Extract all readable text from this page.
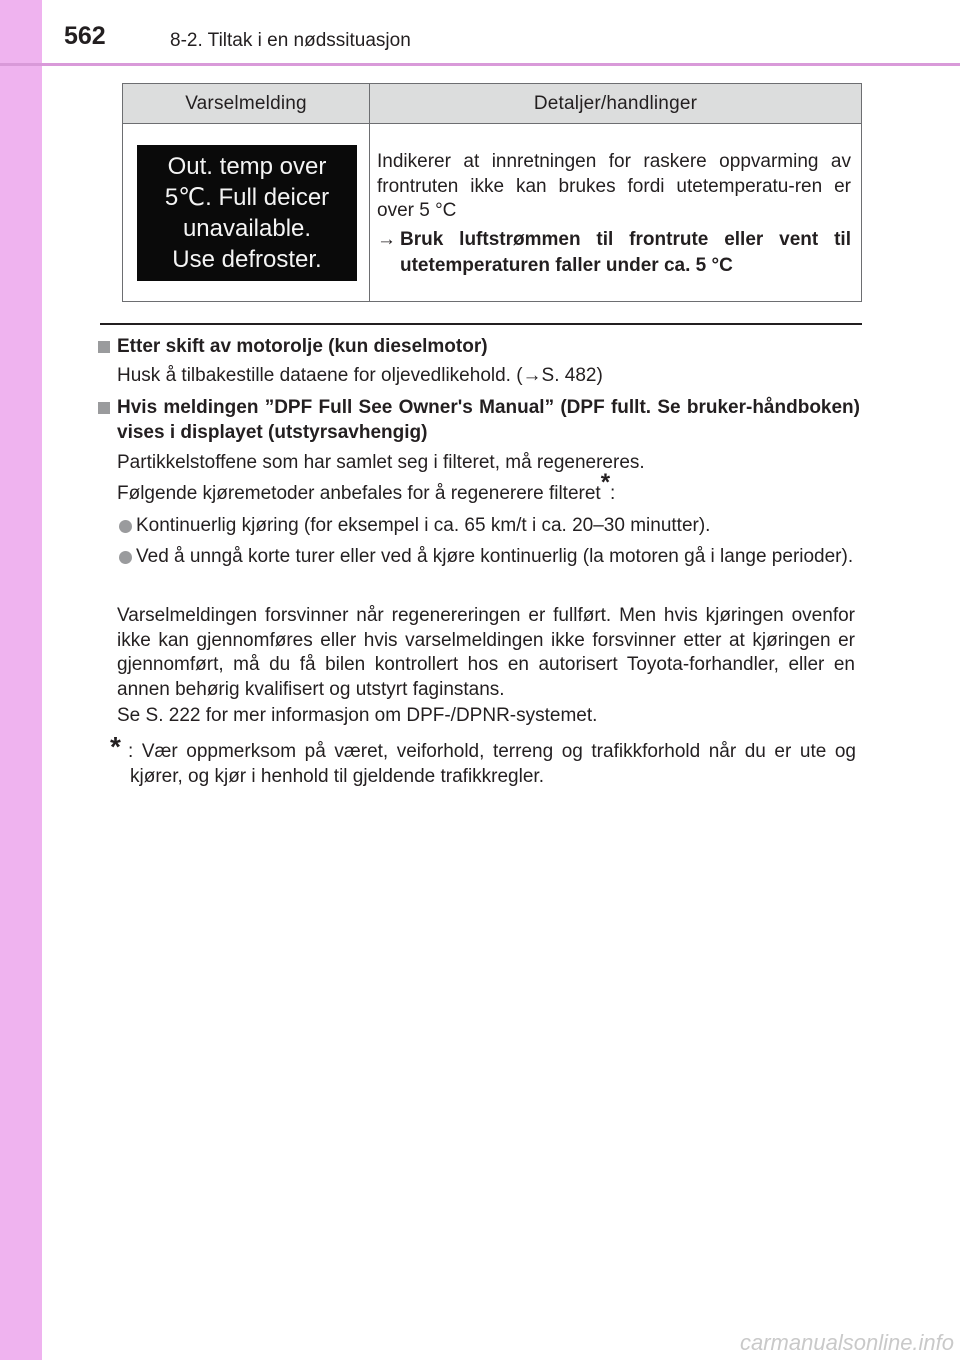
562	8-2. Tiltak i en nødssituasjon
Varselmelding	Detaljer/handlinger
Out. temp over
5℃. Full deicer
unavailable.
Use defroster.
Indikerer at innretningen for raskere oppvarming av frontruten ikke kan brukes fordi utetemperatu-ren er over 5 °C
→ Bruk luftstrømmen til frontrute eller vent til utetemperaturen faller under ca. 5 °C
Etter skift av motorolje (kun dieselmotor)
Husk å tilbakestille dataene for oljevedlikehold. (→S. 482)
Hvis meldingen ”DPF Full See Owner's Manual” (DPF fullt. Se bruker-håndboken) vises i displayet (utstyrsavhengig)
Partikkelstoffene som har samlet seg i filteret, må regenereres.
Følgende kjøremetoder anbefales for å regenerere filteret*:
Kontinuerlig kjøring (for eksempel i ca. 65 km/t i ca. 20–30 minutter).
Ved å unngå korte turer eller ved å kjøre kontinuerlig (la motoren gå i lange perioder).
Varselmeldingen forsvinner når regenereringen er fullført. Men hvis kjøringen ovenfor ikke kan gjennomføres eller hvis varselmeldingen ikke forsvinner etter at kjøringen er gjennomført, må du få bilen kontrollert hos en autorisert Toyota-forhandler, eller en annen behørig kvalifisert og utstyrt faginstans.
Se S. 222 for mer informasjon om DPF-/DPNR-systemet.
* : Vær oppmerksom på været, veiforhold, terreng og trafikkforhold når du er ute og kjører, og kjør i henhold til gjeldende trafikkregler.
carmanualsonline.info
